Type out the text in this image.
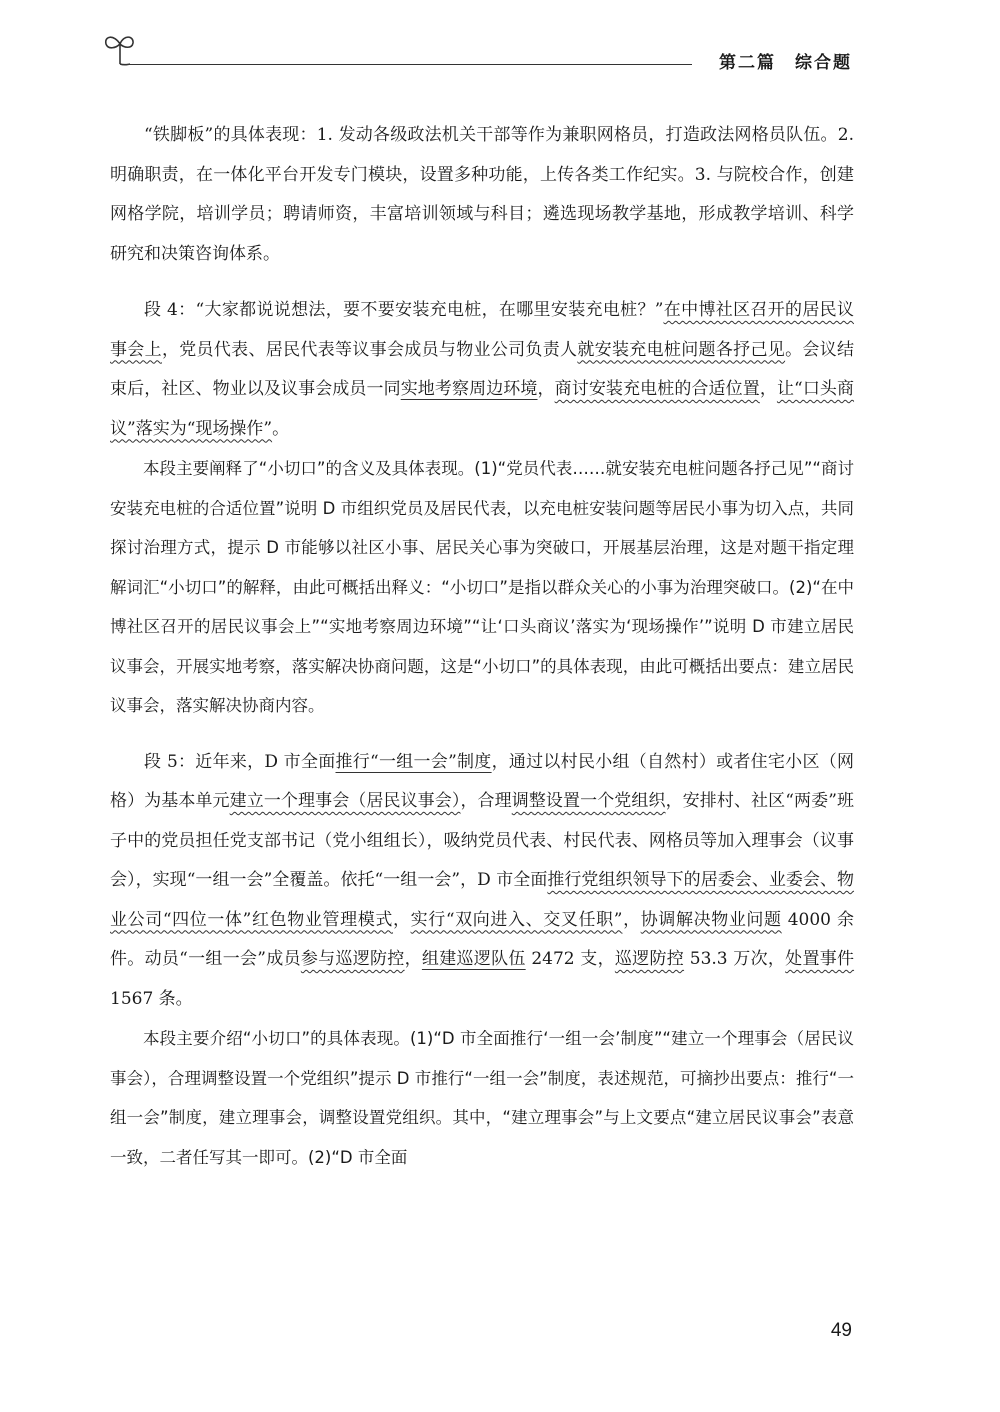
第二篇　综合题

“铁脚板”的具体表现：1. 发动各级政法机关干部等作为兼职网格员，打造政法网格员队伍。2. 明确职责，在一体化平台开发专门模块，设置多种功能，上传各类工作纪实。3. 与院校合作，创建网格学院，培训学员；聘请师资，丰富培训领域与科目；遴选现场教学基地，形成教学培训、科学研究和决策咨询体系。

段 4：“大家都说说想法，要不要安装充电桩，在哪里安装充电桩？”在中博社区召开的居民议事会上，党员代表、居民代表等议事会成员与物业公司负责人就安装充电桩问题各抒己见。会议结束后，社区、物业以及议事会成员一同实地考察周边环境，商讨安装充电桩的合适位置，让“口头商议”落实为“现场操作”。

本段主要阐释了“小切口”的含义及具体表现。(1)“党员代表……就安装充电桩问题各抒己见”“商讨安装充电桩的合适位置”说明 D 市组织党员及居民代表，以充电桩安装问题等居民小事为切入点，共同探讨治理方式，提示 D 市能够以社区小事、居民关心事为突破口，开展基层治理，这是对题干指定理解词汇“小切口”的解释，由此可概括出释义：“小切口”是指以群众关心的小事为治理突破口。(2)“在中博社区召开的居民议事会上”“实地考察周边环境”“让‘口头商议’落实为‘现场操作’”说明 D 市建立居民议事会，开展实地考察，落实解决协商问题，这是“小切口”的具体表现，由此可概括出要点：建立居民议事会，落实解决协商内容。

段 5：近年来，D 市全面推行“一组一会”制度，通过以村民小组（自然村）或者住宅小区（网格）为基本单元建立一个理事会（居民议事会），合理调整设置一个党组织，安排村、社区“两委”班子中的党员担任党支部书记（党小组组长），吸纳党员代表、村民代表、网格员等加入理事会（议事会），实现“一组一会”全覆盖。依托“一组一会”，D 市全面推行党组织领导下的居委会、业委会、物业公司“四位一体”红色物业管理模式，实行“双向进入、交叉任职”，协调解决物业问题 4000 余件。动员“一组一会”成员参与巡逻防控，组建巡逻队伍 2472 支，巡逻防控 53.3 万次，处置事件 1567 条。

本段主要介绍“小切口”的具体表现。(1)“D 市全面推行‘一组一会’制度”“建立一个理事会（居民议事会），合理调整设置一个党组织”提示 D 市推行“一组一会”制度，表述规范，可摘抄出要点：推行“一组一会”制度，建立理事会，调整设置党组织。其中，“建立理事会”与上文要点“建立居民议事会”表意一致，二者任写其一即可。(2)“D 市全面

49
